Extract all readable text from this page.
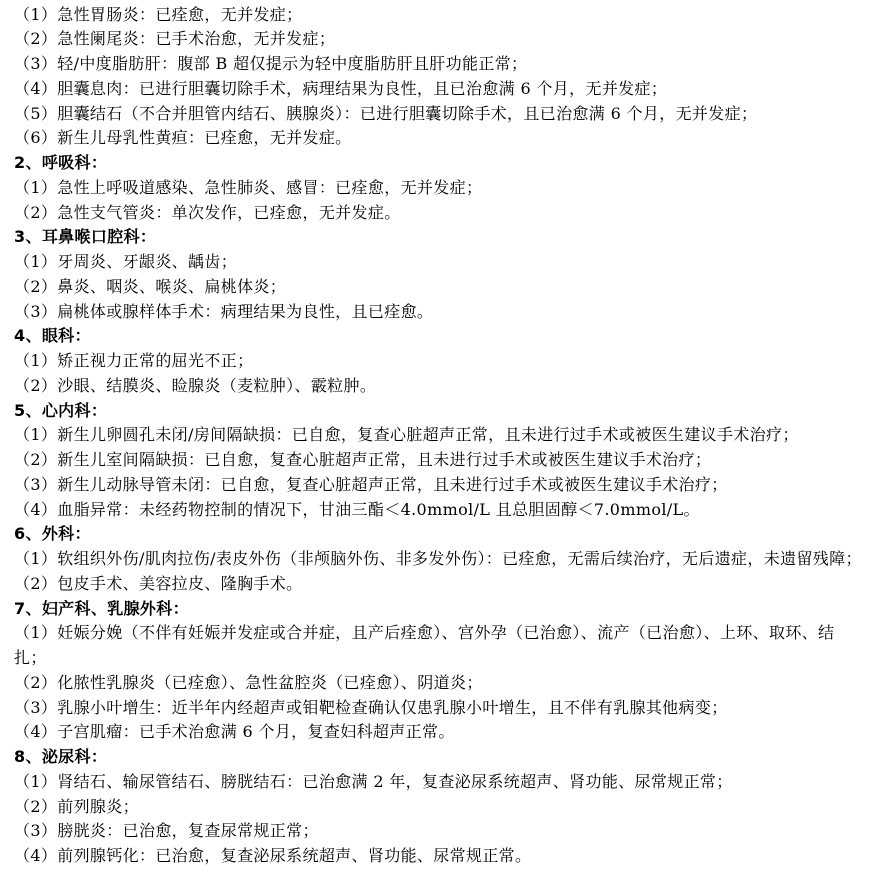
（1）急性胃肠炎：已痊愈，无并发症；
（2）急性阑尾炎：已手术治愈，无并发症；
（3）轻/中度脂肪肝：腹部 B 超仅提示为轻中度脂肪肝且肝功能正常；
（4）胆囊息肉：已进行胆囊切除手术，病理结果为良性，且已治愈满 6 个月，无并发症；
（5）胆囊结石（不合并胆管内结石、胰腺炎）：已进行胆囊切除手术，且已治愈满 6 个月，无并发症；
（6）新生儿母乳性黄疸：已痊愈，无并发症。
2、呼吸科：
（1）急性上呼吸道感染、急性肺炎、感冒：已痊愈，无并发症；
（2）急性支气管炎：单次发作，已痊愈，无并发症。
3、耳鼻喉口腔科：
（1）牙周炎、牙龈炎、龋齿；
（2）鼻炎、咽炎、喉炎、扁桃体炎；
（3）扁桃体或腺样体手术：病理结果为良性，且已痊愈。
4、眼科：
（1）矫正视力正常的屈光不正；
（2）沙眼、结膜炎、睑腺炎（麦粒肿）、霰粒肿。
5、心内科：
（1）新生儿卵圆孔未闭/房间隔缺损：已自愈，复查心脏超声正常，且未进行过手术或被医生建议手术治疗；
（2）新生儿室间隔缺损：已自愈，复查心脏超声正常，且未进行过手术或被医生建议手术治疗；
（3）新生儿动脉导管未闭：已自愈，复查心脏超声正常，且未进行过手术或被医生建议手术治疗；
（4）血脂异常：未经药物控制的情况下，甘油三酯＜4.0mmol/L 且总胆固醇＜7.0mmol/L。
6、外科：
（1）软组织外伤/肌肉拉伤/表皮外伤（非颅脑外伤、非多发外伤）：已痊愈，无需后续治疗，无后遗症，未遗留残障；
（2）包皮手术、美容拉皮、隆胸手术。
7、妇产科、乳腺外科：
（1）妊娠分娩（不伴有妊娠并发症或合并症，且产后痊愈）、宫外孕（已治愈）、流产（已治愈）、上环、取环、结
扎；
（2）化脓性乳腺炎（已痊愈）、急性盆腔炎（已痊愈）、阴道炎；
（3）乳腺小叶增生：近半年内经超声或钼靶检查确认仅患乳腺小叶增生，且不伴有乳腺其他病变；
（4）子宫肌瘤：已手术治愈满 6 个月，复查妇科超声正常。
8、泌尿科：
（1）肾结石、输尿管结石、膀胱结石：已治愈满 2 年，复查泌尿系统超声、肾功能、尿常规正常；
（2）前列腺炎；
（3）膀胱炎：已治愈，复查尿常规正常；
（4）前列腺钙化：已治愈，复查泌尿系统超声、肾功能、尿常规正常。
